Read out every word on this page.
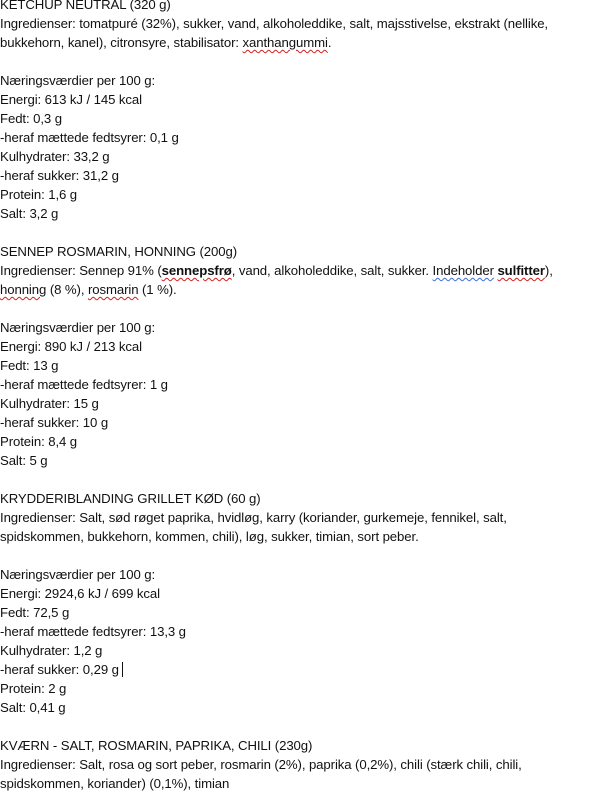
KETCHUP NEUTRAL (320 g)

Ingredienser: tomatpuré (32%), sukker, vand, alkoholeddike, salt, majsstivelse, ekstrakt (nellike,

bukkehorn, kanel), citronsyre, stabilisator: xanthangummi.

Næringsværdier per 100 g:

Energi: 613 kJ / 145 kcal

Fedt: 0,3 g

-heraf mættede fedtsyrer: 0,1 g

Kulhydrater: 33,2 g

-heraf sukker: 31,2 g

Protein: 1,6 g

Salt: 3,2 g

SENNEP ROSMARIN, HONNING (200g)

Ingredienser: Sennep 91% (sennepsfrø, vand, alkoholeddike, salt, sukker. Indeholder sulfitter),

honning (8 %), rosmarin (1 %).

Næringsværdier per 100 g:

Energi: 890 kJ / 213 kcal

Fedt: 13 g

-heraf mættede fedtsyrer: 1 g

Kulhydrater: 15 g

-heraf sukker: 10 g

Protein: 8,4 g

Salt: 5 g

KRYDDERIBLANDING GRILLET KØD (60 g)

Ingredienser: Salt, sød røget paprika, hvidløg, karry (koriander, gurkemeje, fennikel, salt,

spidskommen, bukkehorn, kommen, chili), løg, sukker, timian, sort peber.

Næringsværdier per 100 g:

Energi: 2924,6 kJ / 699 kcal

Fedt: 72,5 g

-heraf mættede fedtsyrer: 13,3 g

Kulhydrater: 1,2 g

-heraf sukker: 0,29 g

Protein: 2 g

Salt: 0,41 g

KVÆRN - SALT, ROSMARIN, PAPRIKA, CHILI (230g)

Ingredienser: Salt, rosa og sort peber, rosmarin (2%), paprika (0,2%), chili (stærk chili, chili,

spidskommen, koriander) (0,1%), timian
